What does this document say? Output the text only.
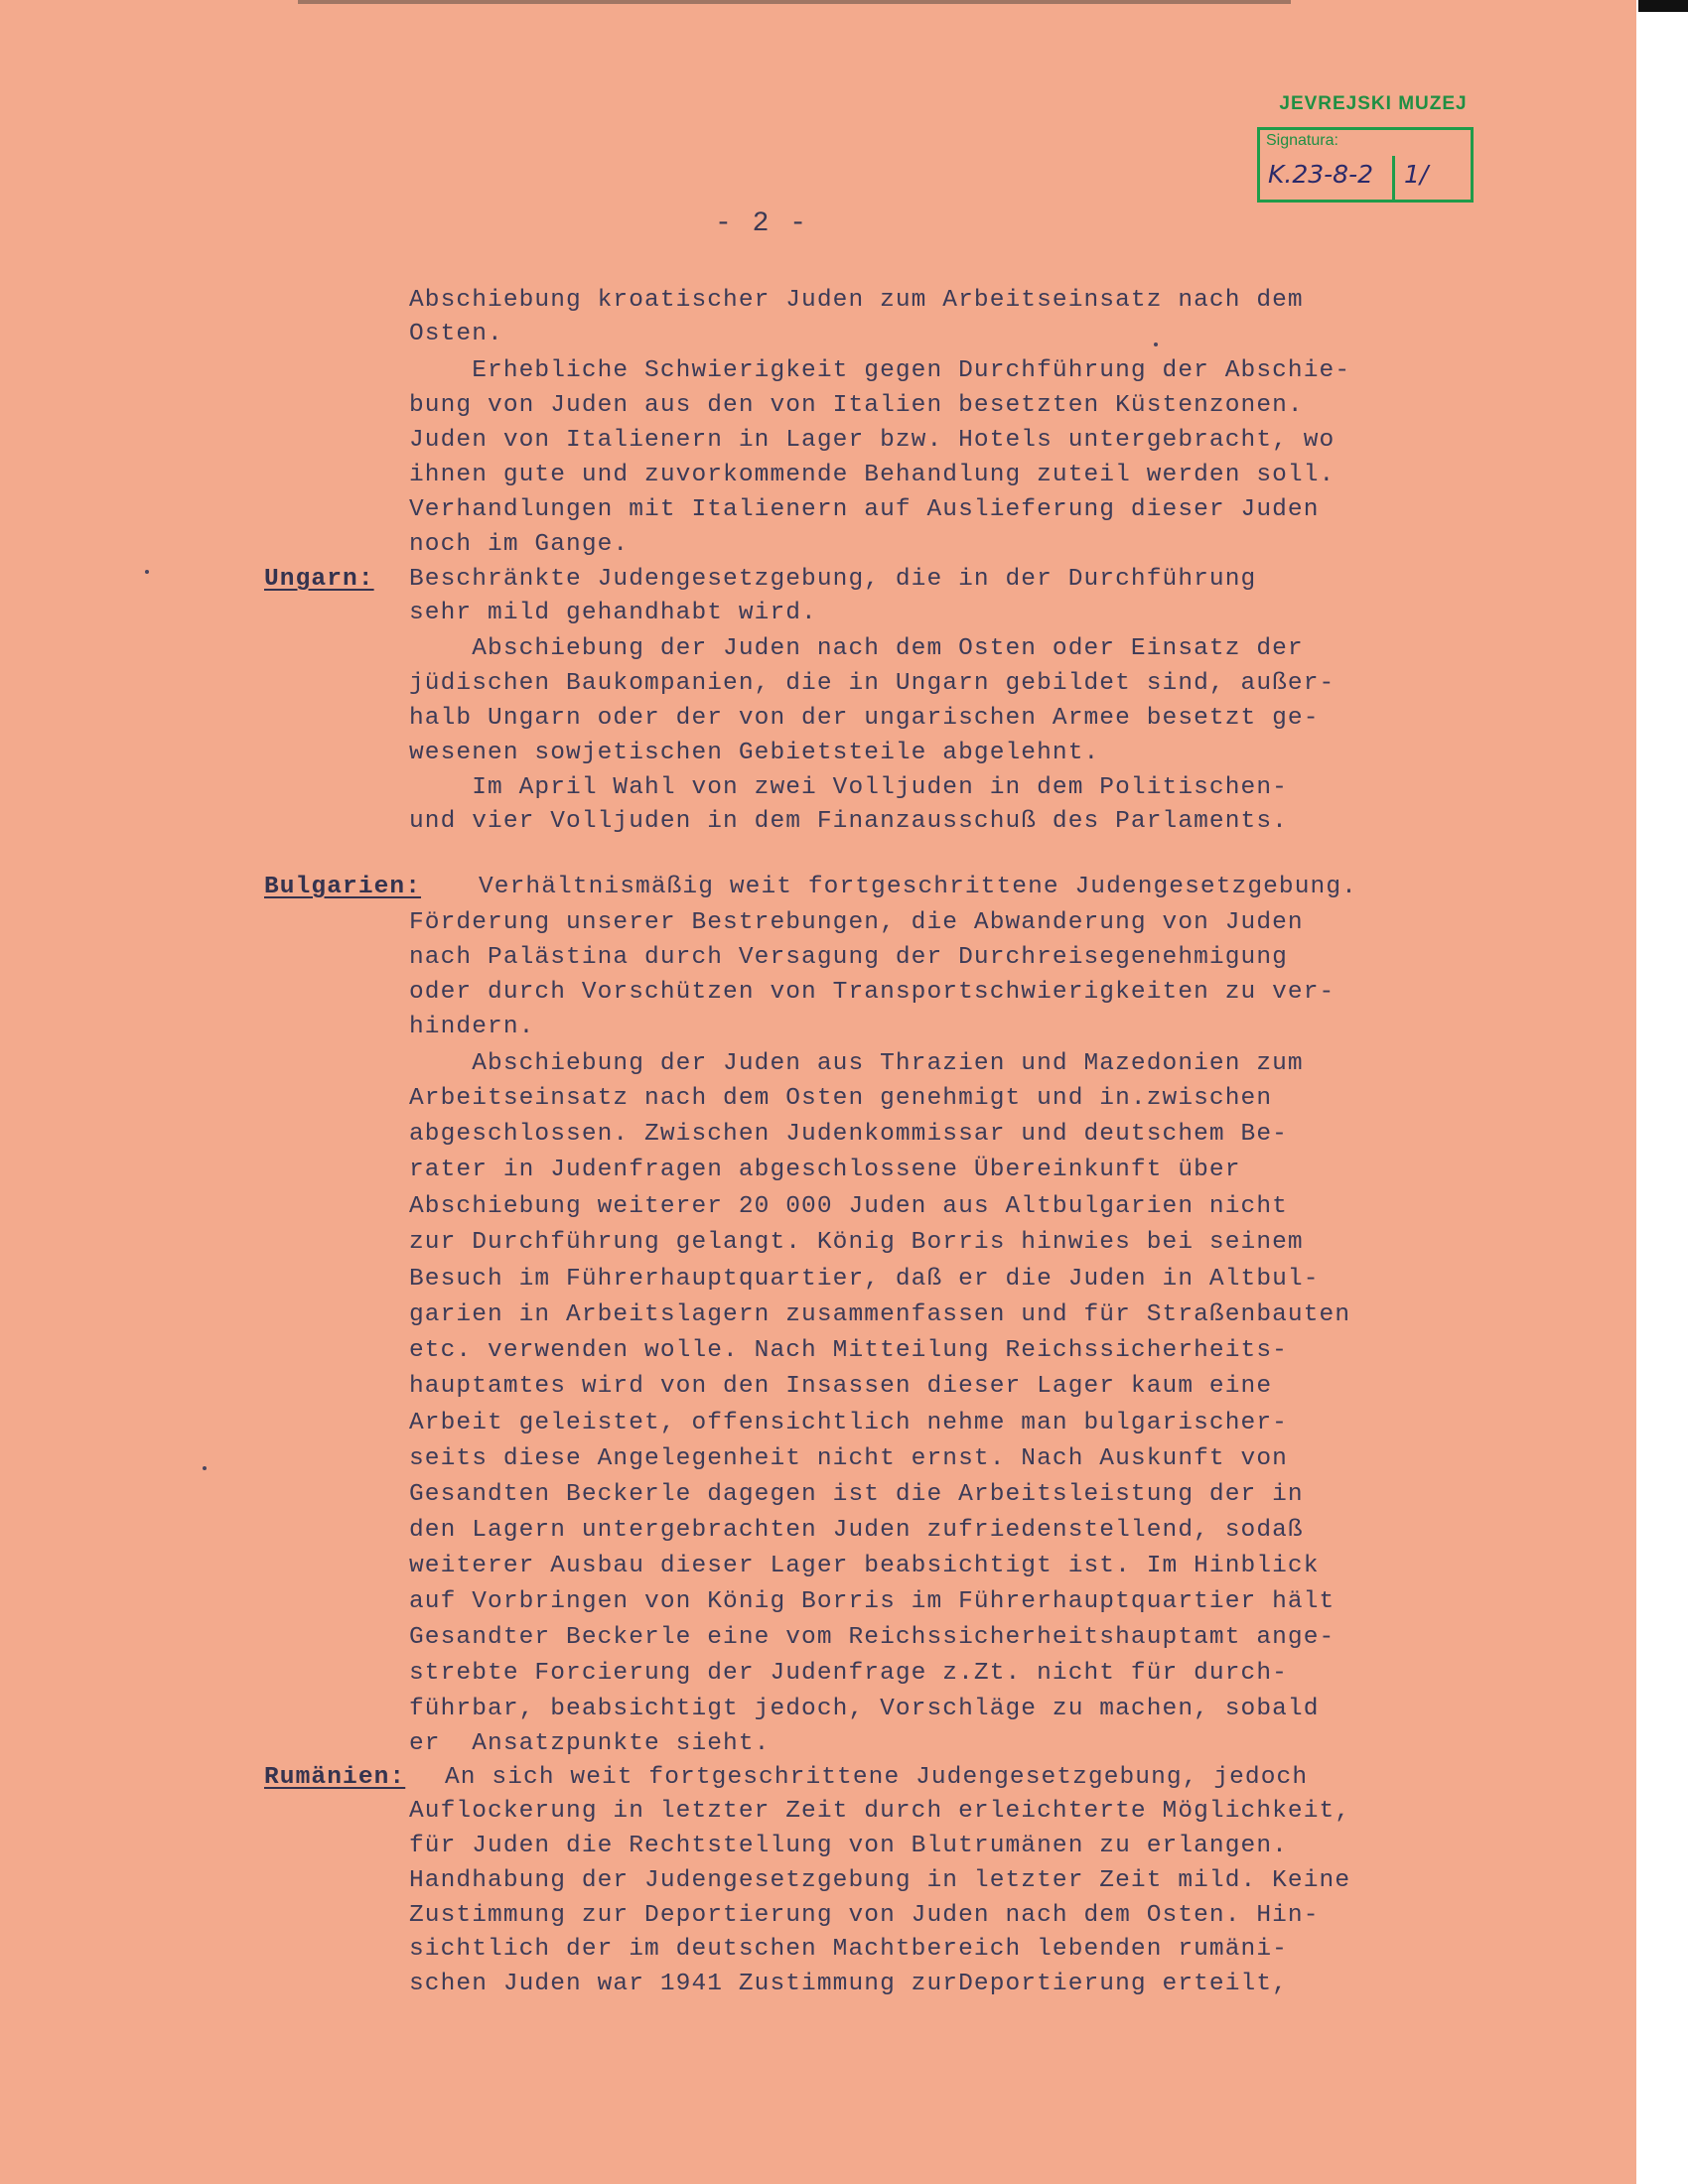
JEVREJSKI MUZEJ
Signatura:
K.23-8-2 1/
- 2 -
Abschiebung kroatischer Juden zum Arbeitseinsatz nach dem
Osten.
Erhebliche Schwierigkeit gegen Durchführung der Abschie-
bung von Juden aus den von Italien besetzten Küstenzonen.
Juden von Italienern in Lager bzw. Hotels untergebracht, wo
ihnen gute und zuvorkommende Behandlung zuteil werden soll.
Verhandlungen mit Italienern auf Auslieferung dieser Juden
noch im Gange.
Ungarn: Beschränkte Judengesetzgebung, die in der Durchführung
sehr mild gehandhabt wird.
Abschiebung der Juden nach dem Osten oder Einsatz der
jüdischen Baukompanien, die in Ungarn gebildet sind, außer-
halb Ungarn oder der von der ungarischen Armee besetzt ge-
wesenen sowjetischen Gebietsteile abgelehnt.
Im April Wahl von zwei Volljuden in dem Politischen-
und vier Volljuden in dem Finanzausschuß des Parlaments.
Bulgarien: Verhältnismäßig weit fortgeschrittene Judengesetzgebung.
Förderung unserer Bestrebungen, die Abwanderung von Juden
nach Palästina durch Versagung der Durchreisegenehmigung
oder durch Vorschützen von Transportschwierigkeiten zu ver-
hindern.
Abschiebung der Juden aus Thrazien und Mazedonien zum
Arbeitseinsatz nach dem Osten genehmigt und in.zwischen
abgeschlossen. Zwischen Judenkommissar und deutschem Be-
rater in Judenfragen abgeschlossene Übereinkunft über
Abschiebung weiterer 20 000 Juden aus Altbulgarien nicht
zur Durchführung gelangt. König Borris hinwies bei seinem
Besuch im Führerhauptquartier, daß er die Juden in Altbul-
garien in Arbeitslagern zusammenfassen und für Straßenbauten
etc. verwenden wolle. Nach Mitteilung Reichssicherheits-
hauptamtes wird von den Insassen dieser Lager kaum eine
Arbeit geleistet, offensichtlich nehme man bulgarischer-
seits diese Angelegenheit nicht ernst. Nach Auskunft von
Gesandten Beckerle dagegen ist die Arbeitsleistung der in
den Lagern untergebrachten Juden zufriedenstellend, sodaß
weiterer Ausbau dieser Lager beabsichtigt ist. Im Hinblick
auf Vorbringen von König Borris im Führerhauptquartier hält
Gesandter Beckerle eine vom Reichssicherheitshauptamt ange-
strebte Forcierung der Judenfrage z.Zt. nicht für durch-
führbar, beabsichtigt jedoch, Vorschläge zu machen, sobald
er  Ansatzpunkte sieht.
Rumänien: An sich weit fortgeschrittene Judengesetzgebung, jedoch
Auflockerung in letzter Zeit durch erleichterte Möglichkeit,
für Juden die Rechtstellung von Blutrumänen zu erlangen.
Handhabung der Judengesetzgebung in letzter Zeit mild. Keine
Zustimmung zur Deportierung von Juden nach dem Osten. Hin-
sichtlich der im deutschen Machtbereich lebenden rumäni-
schen Juden war 1941 Zustimmung zurDeportierung erteilt,
